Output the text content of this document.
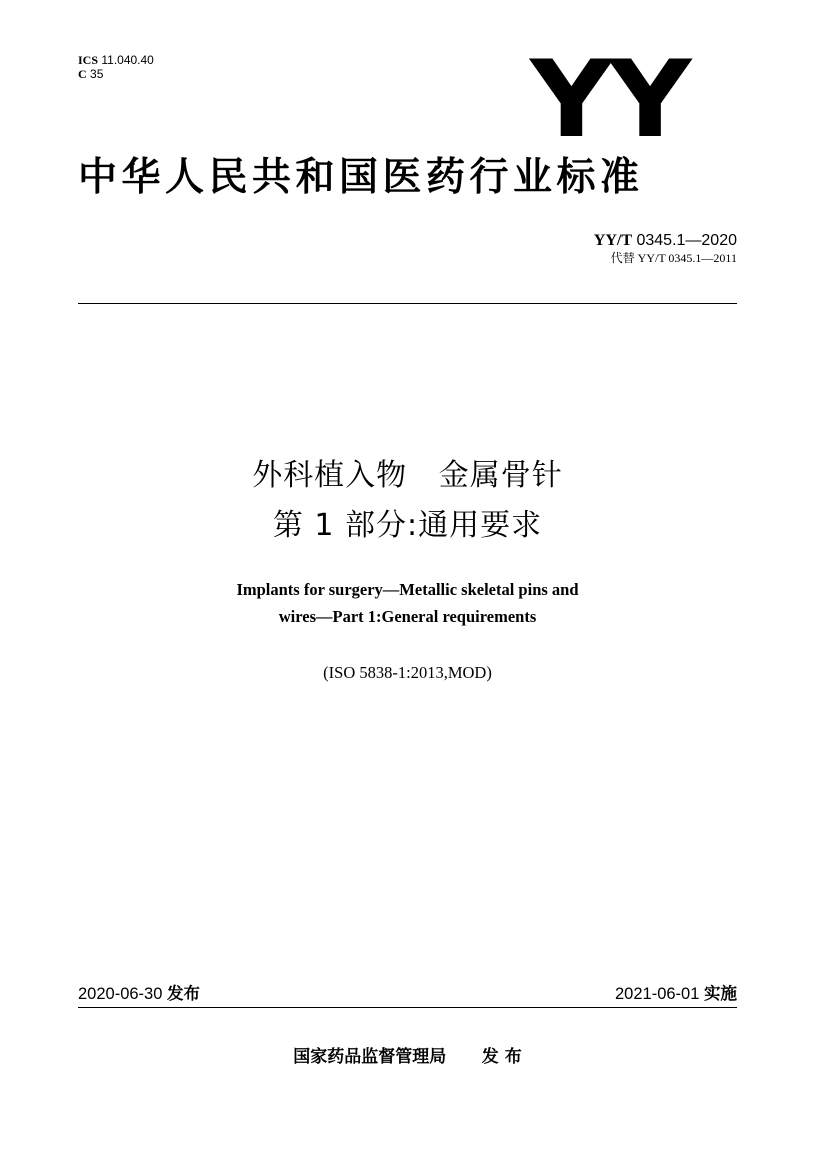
ICS 11.040.40
C 35	YY
中华人民共和国医药行业标准
YY/T 0345.1—2020
代替 YY/T 0345.1—2011
外科植入物   金属骨针
第 1 部分:通用要求
Implants for surgery—Metallic skeletal pins and
wires—Part 1:General requirements
(ISO 5838-1:2013,MOD)
2020-06-30 发布	2021-06-01 实施
国家药品监督管理局 发 布
